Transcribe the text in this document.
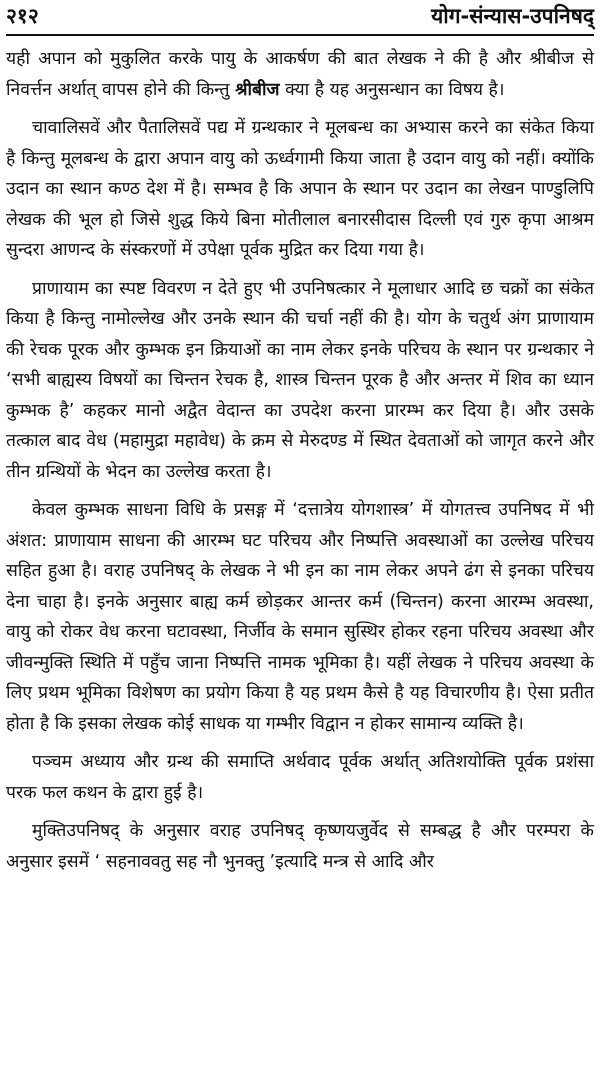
२१२	योग-संन्यास-उपनिषद्

यही अपान को मुकुलित करके पायु के आकर्षण की बात लेखक ने की है और श्रीबीज से निवर्त्तन अर्थात् वापस होने की किन्तु श्रीबीज क्या है यह अनुसन्धान का विषय है।

चावालिसवें और पैतालिसवें पद्य में ग्रन्थकार ने मूलबन्ध का अभ्यास करने का संकेत किया है किन्तु मूलबन्ध के द्वारा अपान वायु को ऊर्ध्वगामी किया जाता है उदान वायु को नहीं। क्योंकि उदान का स्थान कण्ठ देश में है। सम्भव है कि अपान के स्थान पर उदान का लेखन पाण्डुलिपि लेखक की भूल हो जिसे शुद्ध किये बिना मोतीलाल बनारसीदास दिल्ली एवं गुरु कृपा आश्रम सुन्दरा आणन्द के संस्करणों में उपेक्षा पूर्वक मुद्रित कर दिया गया है।

प्राणायाम का स्पष्ट विवरण न देते हुए भी उपनिषत्कार ने मूलाधार आदि छ चक्रों का संकेत किया है किन्तु नामोल्लेख और उनके स्थान की चर्चा नहीं की है। योग के चतुर्थ अंग प्राणायाम की रेचक पूरक और कुम्भक इन क्रियाओं का नाम लेकर इनके परिचय के स्थान पर ग्रन्थकार ने ‘सभी बाह्यस्य विषयों का चिन्तन रेचक है, शास्त्र चिन्तन पूरक है और अन्तर में शिव का ध्यान कुम्भक है’ कहकर मानो अद्वैत वेदान्त का उपदेश करना प्रारम्भ कर दिया है। और उसके तत्काल बाद वेध (महामुद्रा महावेध) के क्रम से मेरुदण्ड में स्थित देवताओं को जागृत करने और तीन ग्रन्थियों के भेदन का उल्लेख करता है।

केवल कुम्भक साधना विधि के प्रसङ्ग में ‘दत्तात्रेय योगशास्त्र’ में योगतत्त्व उपनिषद में भी अंशत: प्राणायाम साधना की आरम्भ घट परिचय और निष्पत्ति अवस्थाओं का उल्लेख परिचय सहित हुआ है। वराह उपनिषद् के लेखक ने भी इन का नाम लेकर अपने ढंग से इनका परिचय देना चाहा है। इनके अनुसार बाह्य कर्म छोड़कर आन्तर कर्म (चिन्तन) करना आरम्भ अवस्था, वायु को रोकर वेध करना घटावस्था, निर्जीव के समान सुस्थिर होकर रहना परिचय अवस्था और जीवन्मुक्ति स्थिति में पहुँच जाना निष्पत्ति नामक भूमिका है। यहीं लेखक ने परिचय अवस्था के लिए प्रथम भूमिका विशेषण का प्रयोग किया है यह प्रथम कैसे है यह विचारणीय है। ऐसा प्रतीत होता है कि इसका लेखक कोई साधक या गम्भीर विद्वान न होकर सामान्य व्यक्ति है।

पञ्चम अध्याय और ग्रन्थ की समाप्ति अर्थवाद पूर्वक अर्थात् अतिशयोक्ति पूर्वक प्रशंसा परक फल कथन के द्वारा हुई है।

मुक्तिउपनिषद् के अनुसार वराह उपनिषद् कृष्णयजुर्वेद से सम्बद्ध है और परम्परा के अनुसार इसमें ‘ सहनाववतु सह नौ भुनक्तु ’इत्यादि मन्त्र से आदि और
